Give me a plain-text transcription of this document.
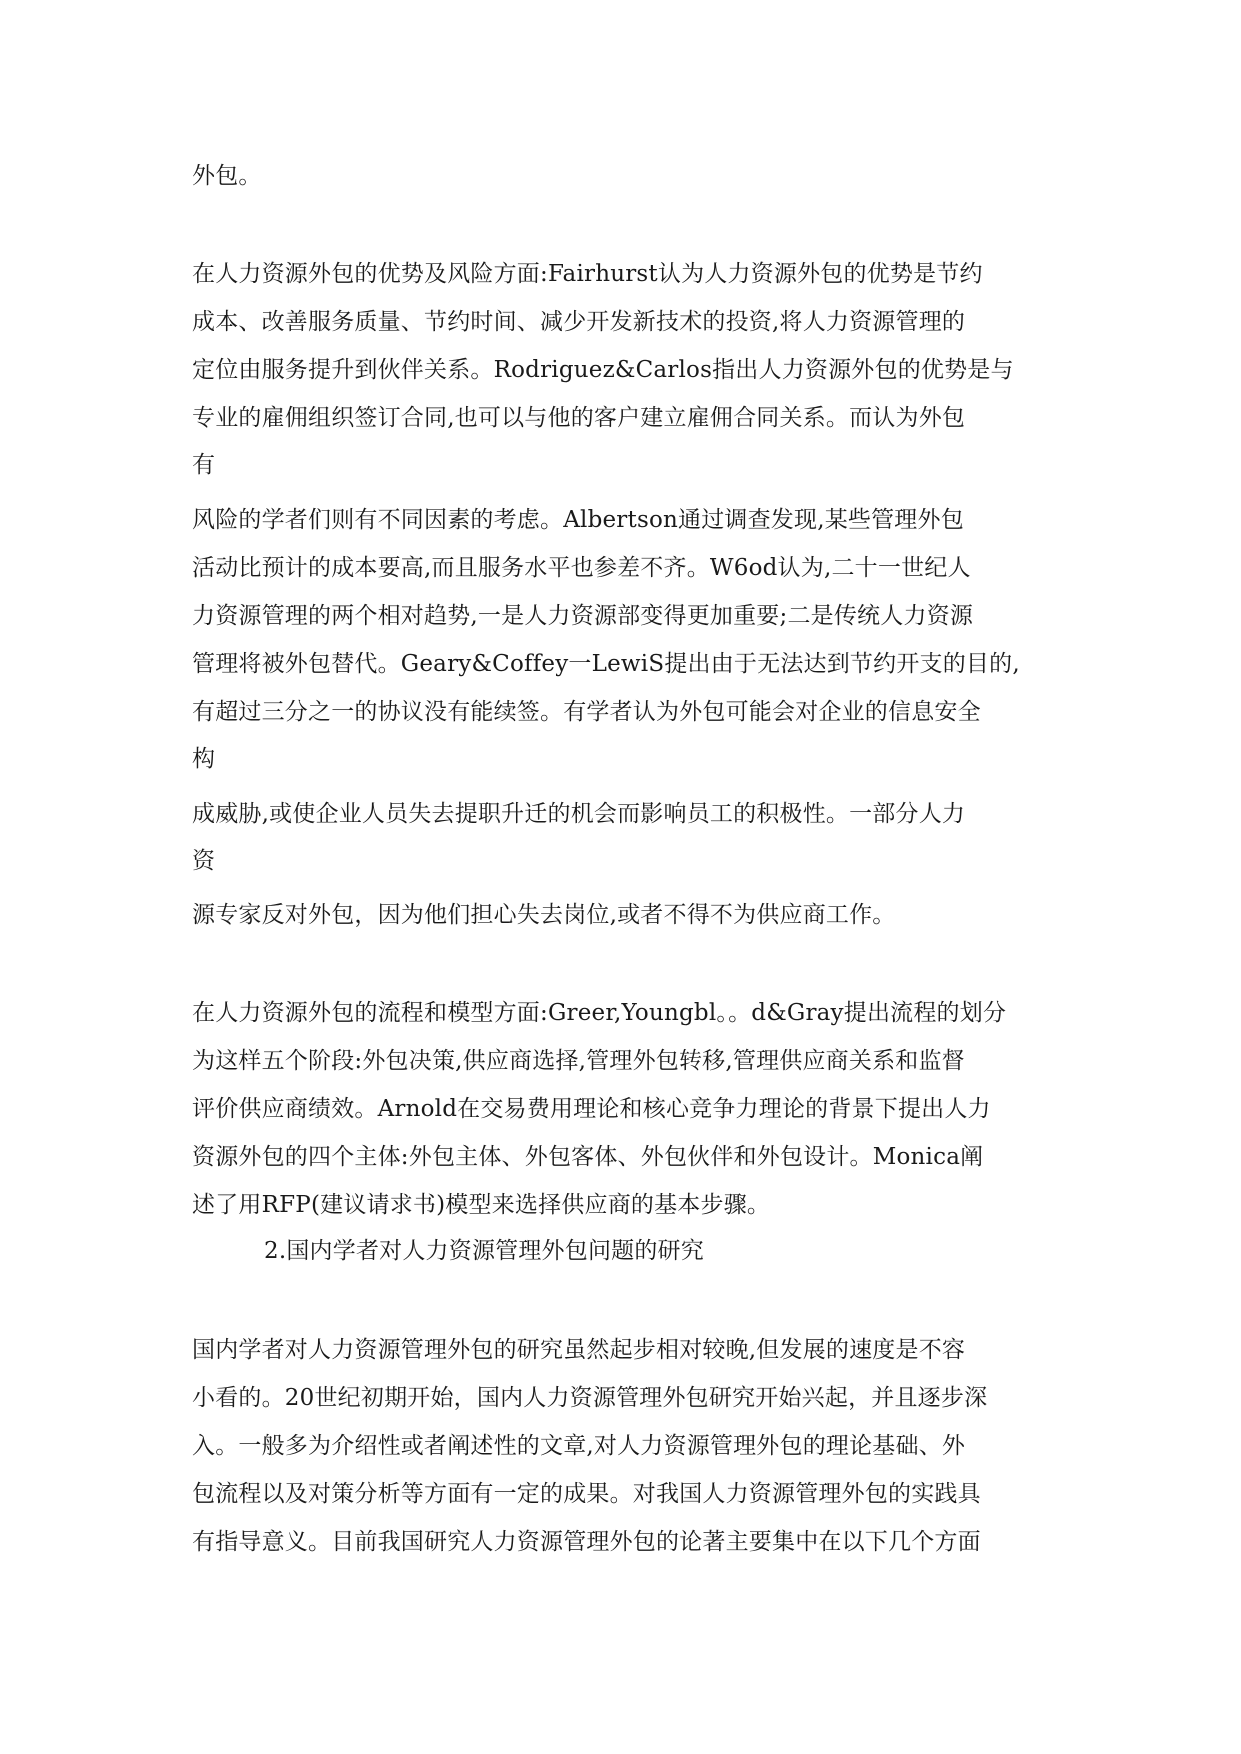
外包。
在人力资源外包的优势及风险方面:Fairhurst认为人力资源外包的优势是节约
成本、改善服务质量、节约时间、减少开发新技术的投资,将人力资源管理的
定位由服务提升到伙伴关系。Rodriguez&Carlos指出人力资源外包的优势是与
专业的雇佣组织签订合同,也可以与他的客户建立雇佣合同关系。而认为外包
有
风险的学者们则有不同因素的考虑。Albertson通过调查发现,某些管理外包
活动比预计的成本要高,而且服务水平也参差不齐。W6od认为,二十一世纪人
力资源管理的两个相对趋势,一是人力资源部变得更加重要;二是传统人力资源
管理将被外包替代。Geary&Coffey一LewiS提出由于无法达到节约开支的目的,
有超过三分之一的协议没有能续签。有学者认为外包可能会对企业的信息安全
构
成威胁,或使企业人员失去提职升迁的机会而影响员工的积极性。一部分人力
资
源专家反对外包，因为他们担心失去岗位,或者不得不为供应商工作。
在人力资源外包的流程和模型方面:Greer,Youngbl。。d&Gray提出流程的划分
为这样五个阶段:外包决策,供应商选择,管理外包转移,管理供应商关系和监督
评价供应商绩效。Arnold在交易费用理论和核心竞争力理论的背景下提出人力
资源外包的四个主体:外包主体、外包客体、外包伙伴和外包设计。Monica阐
述了用RFP(建议请求书)模型来选择供应商的基本步骤。
2.国内学者对人力资源管理外包问题的研究
国内学者对人力资源管理外包的研究虽然起步相对较晚,但发展的速度是不容
小看的。20世纪初期开始，国内人力资源管理外包研究开始兴起，并且逐步深
入。一般多为介绍性或者阐述性的文章,对人力资源管理外包的理论基础、外
包流程以及对策分析等方面有一定的成果。对我国人力资源管理外包的实践具
有指导意义。目前我国研究人力资源管理外包的论著主要集中在以下几个方面
